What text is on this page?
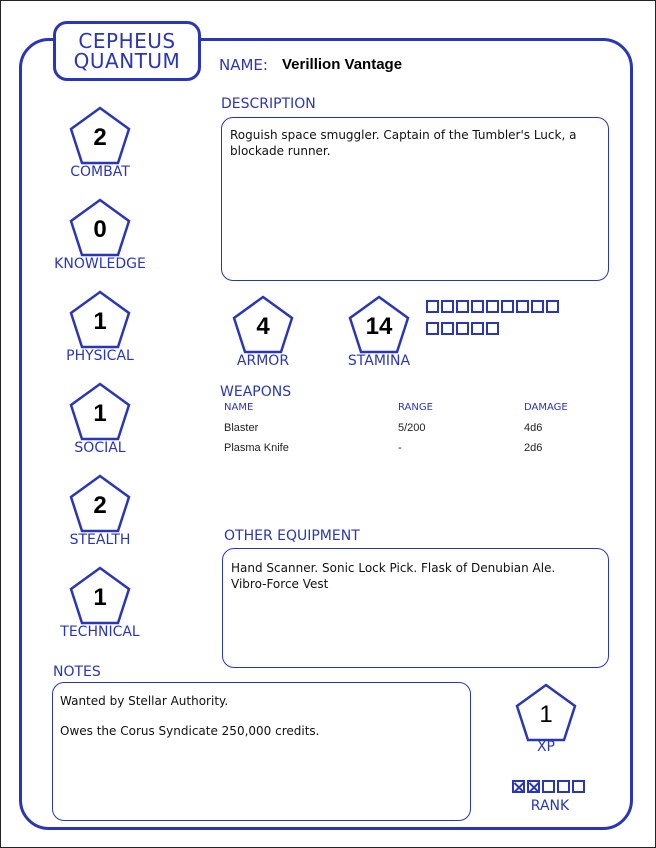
CEPHEUS
QUANTUM	NAME: Verillion Vantage
2
COMBAT
0
KNOWLEDGE
1
PHYSICAL
1
SOCIAL
2
STEALTH
1
TECHNICAL
DESCRIPTION
Roguish space smuggler. Captain of the Tumbler's Luck, a blockade runner.
4
ARMOR
14
STAMINA
WEAPONS
NAME	RANGE	DAMAGE
Blaster	5/200	4d6
Plasma Knife	-	2d6
OTHER EQUIPMENT
Hand Scanner. Sonic Lock Pick. Flask of Denubian Ale.
Vibro-Force Vest
NOTES
Wanted by Stellar Authority.
Owes the Corus Syndicate 250,000 credits.
1
XP
RANK
